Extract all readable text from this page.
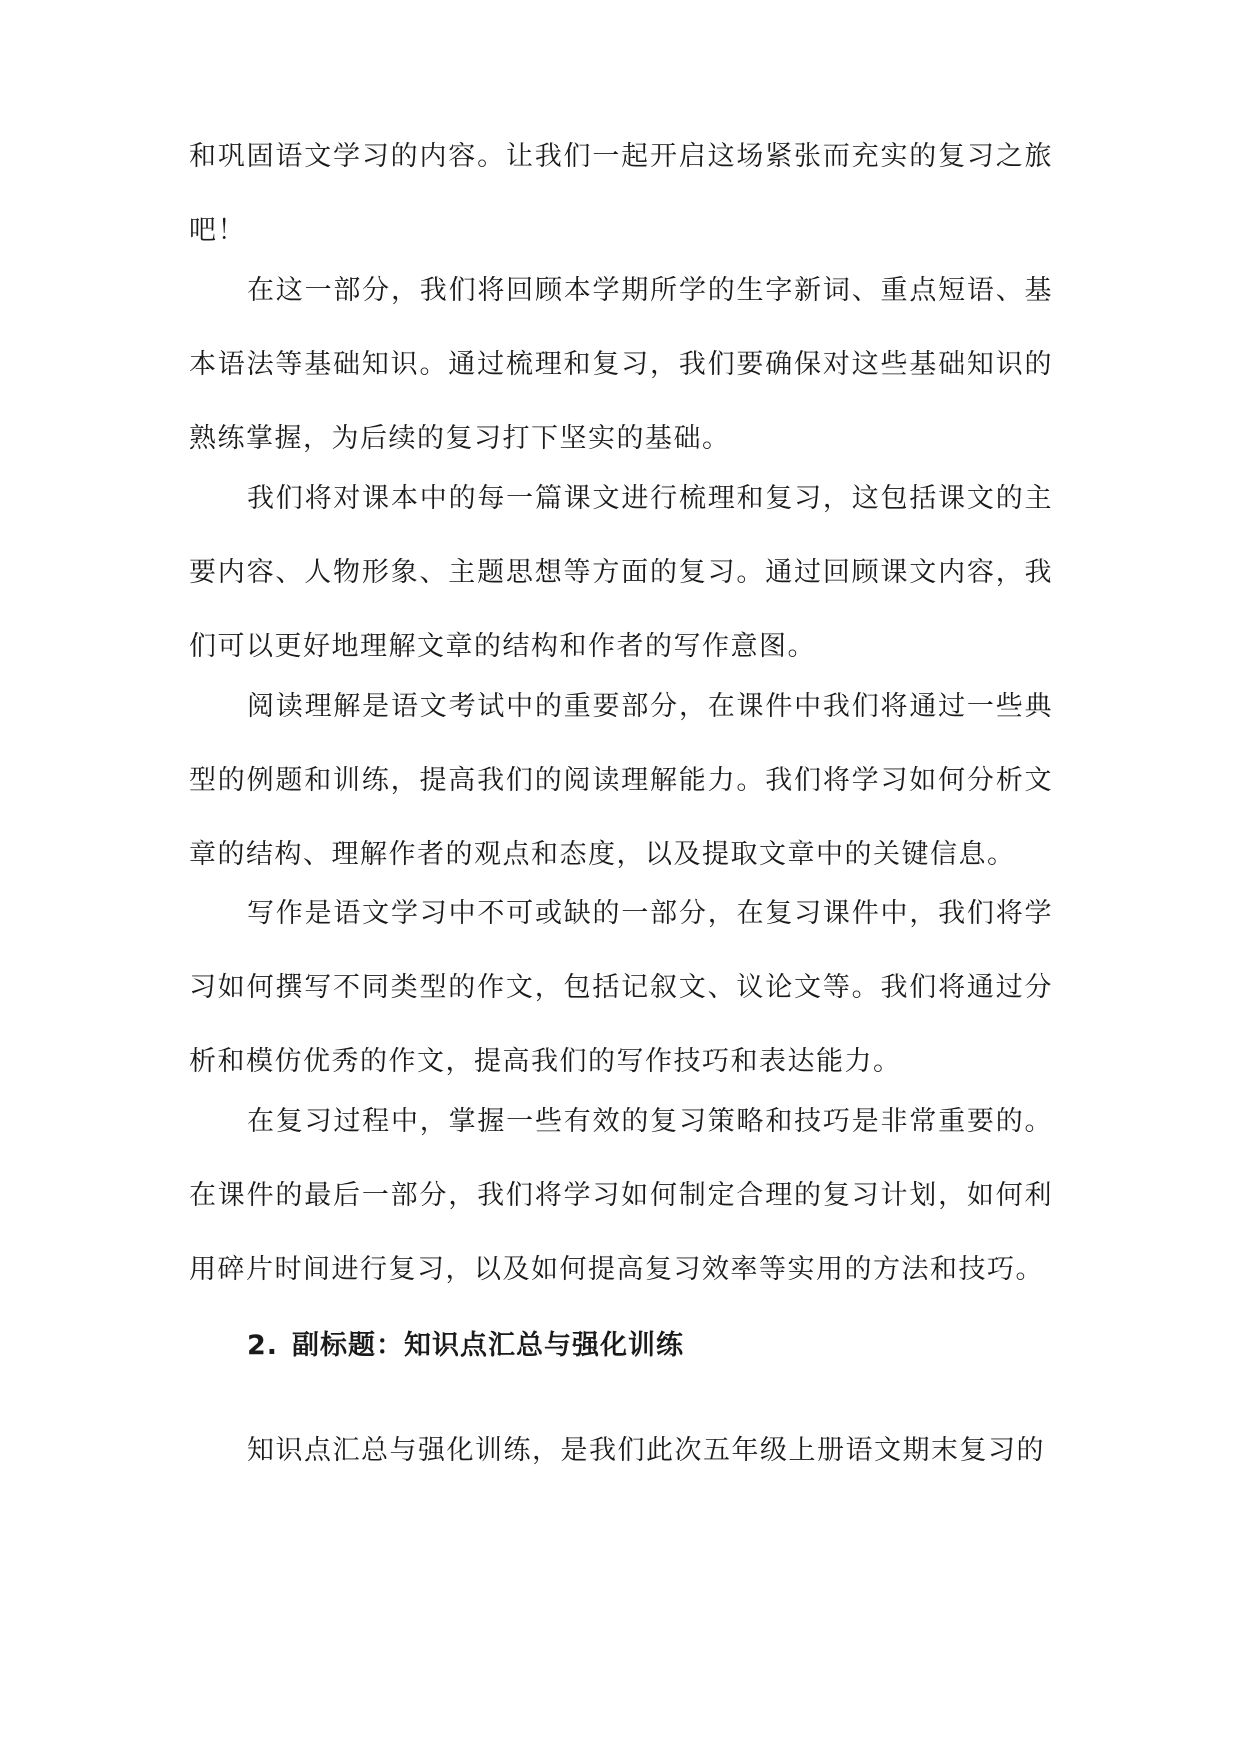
和巩固语文学习的内容。让我们一起开启这场紧张而充实的复习之旅吧！

在这一部分，我们将回顾本学期所学的生字新词、重点短语、基本语法等基础知识。通过梳理和复习，我们要确保对这些基础知识的熟练掌握，为后续的复习打下坚实的基础。

我们将对课本中的每一篇课文进行梳理和复习，这包括课文的主要内容、人物形象、主题思想等方面的复习。通过回顾课文内容，我们可以更好地理解文章的结构和作者的写作意图。

阅读理解是语文考试中的重要部分，在课件中我们将通过一些典型的例题和训练，提高我们的阅读理解能力。我们将学习如何分析文章的结构、理解作者的观点和态度，以及提取文章中的关键信息。

写作是语文学习中不可或缺的一部分，在复习课件中，我们将学习如何撰写不同类型的作文，包括记叙文、议论文等。我们将通过分析和模仿优秀的作文，提高我们的写作技巧和表达能力。

在复习过程中，掌握一些有效的复习策略和技巧是非常重要的。在课件的最后一部分，我们将学习如何制定合理的复习计划，如何利用碎片时间进行复习，以及如何提高复习效率等实用的方法和技巧。

2. 副标题：知识点汇总与强化训练

知识点汇总与强化训练，是我们此次五年级上册语文期末复习的
